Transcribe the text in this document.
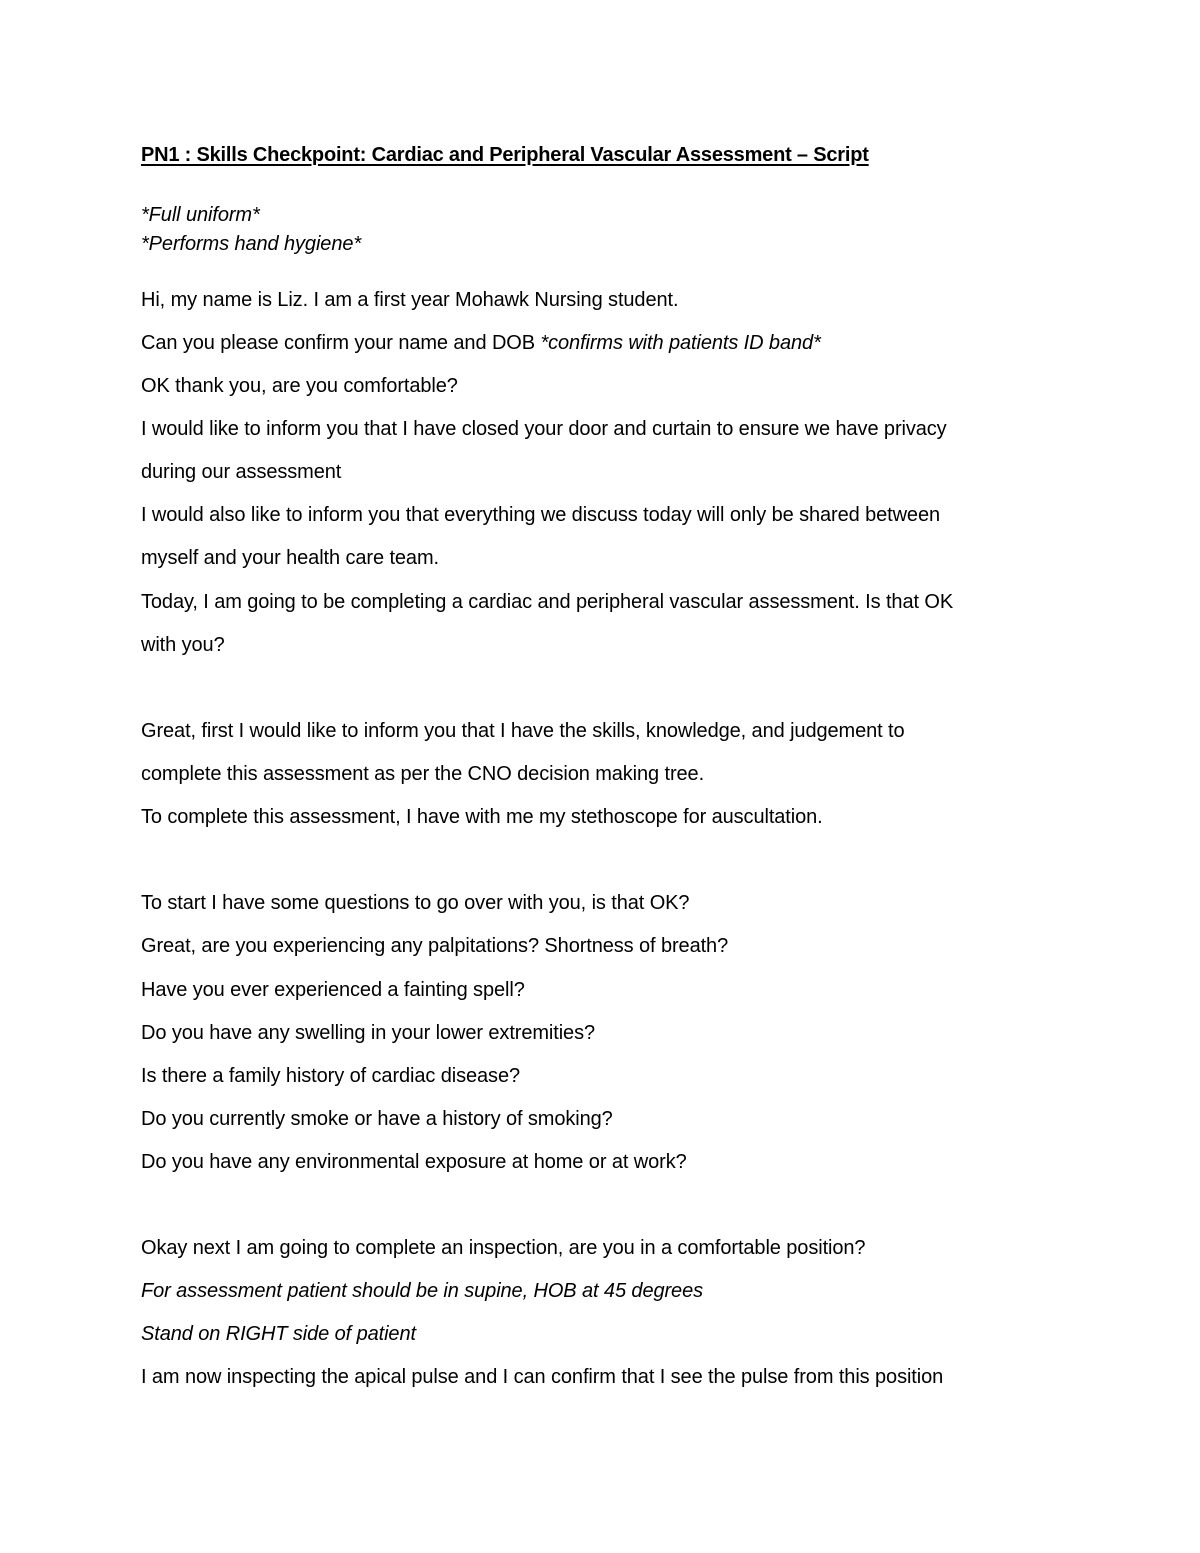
PN1 : Skills Checkpoint: Cardiac and Peripheral Vascular Assessment – Script
*Full uniform*
*Performs hand hygiene*
Hi, my name is Liz. I am a first year Mohawk Nursing student.
Can you please confirm your name and DOB *confirms with patients ID band*
OK thank you, are you comfortable?
I would like to inform you that I have closed your door and curtain to ensure we have privacy
during our assessment
I would also like to inform you that everything we discuss today will only be shared between
myself and your health care team.
Today, I am going to be completing a cardiac and peripheral vascular assessment. Is that OK
with you?
Great, first I would like to inform you that I have the skills, knowledge, and judgement to
complete this assessment as per the CNO decision making tree.
To complete this assessment, I have with me my stethoscope for auscultation.
To start I have some questions to go over with you, is that OK?
Great, are you experiencing any palpitations? Shortness of breath?
Have you ever experienced a fainting spell?
Do you have any swelling in your lower extremities?
Is there a family history of cardiac disease?
Do you currently smoke or have a history of smoking?
Do you have any environmental exposure at home or at work?
Okay next I am going to complete an inspection, are you in a comfortable position?
For assessment patient should be in supine, HOB at 45 degrees
Stand on RIGHT side of patient
I am now inspecting the apical pulse and I can confirm that I see the pulse from this position
